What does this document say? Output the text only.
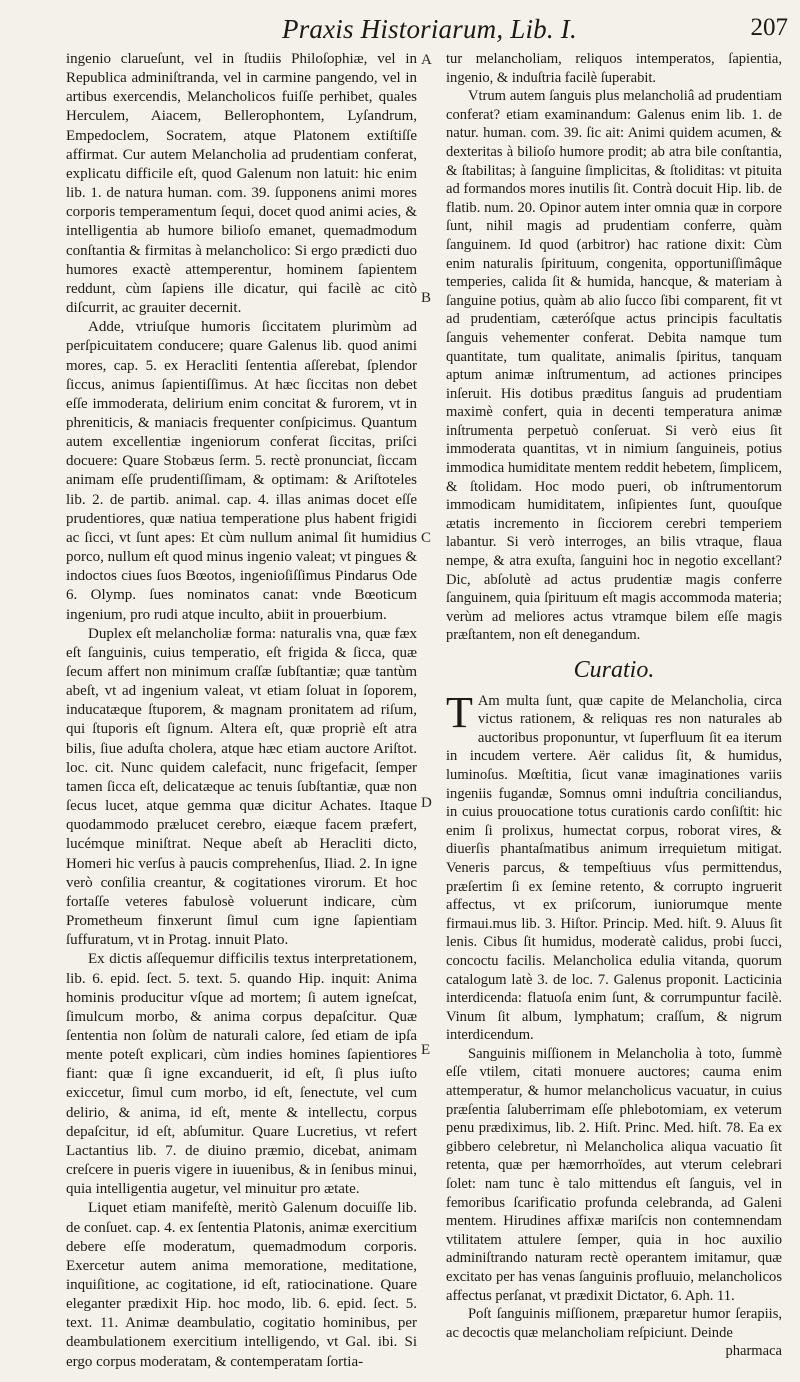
Praxis Historiarum, Lib. I.	207
A
B
C
D
E

ingenio clarueſunt, vel in ſtudiis Philoſophiæ, vel in Republica adminiſtranda, vel in carmine pangendo, vel in artibus exercendis, Melancholicos fuiſſe perhibet, quales Herculem, Aiacem, Bellerophontem, Lyſandrum, Empedoclem, Socratem, atque Platonem extiſtiſſe affirmat. Cur autem Melancholia ad prudentiam conferat, explicatu difficile eſt, quod Galenum non latuit: hic enim lib. 1. de natura human. com. 39. ſupponens animi mores corporis temperamentum ſequi, docet quod animi acies, & intelligentia ab humore bilioſo emanet, quemadmodum conſtantia & firmitas à melancholico: Si ergo prædicti duo humores exactè attemperentur, hominem ſapientem reddunt, cùm ſapiens ille dicatur, qui facilè ac citò diſcurrit, ac grauiter decernit.

Adde, vtriuſque humoris ſiccitatem plurimùm ad perſpicuitatem conducere; quare Galenus lib. quod animi mores, cap. 5. ex Heracliti ſententia aſſerebat, ſplendor ſiccus, animus ſapientiſſimus. At hæc ſiccitas non debet eſſe immoderata, delirium enim concitat & furorem, vt in phreniticis, & maniacis frequenter conſpicimus. Quantum autem excellentiæ ingeniorum conferat ſiccitas, priſci docuere: Quare Stobæus ſerm. 5. rectè pronunciat, ſiccam animam eſſe prudentiſſimam, & optimam: & Ariſtoteles lib. 2. de partib. animal. cap. 4. illas animas docet eſſe prudentiores, quæ natiua temperatione plus habent frigidi ac ſicci, vt ſunt apes: Et cùm nullum animal ſit humidius porco, nullum eſt quod minus ingenio valeat; vt pingues & indoctos ciues ſuos Bœotos, ingenioſiſſimus Pindarus Ode 6. Olymp. ſues nominatos canat: vnde Bœoticum ingenium, pro rudi atque inculto, abiit in prouerbium.

Duplex eſt melancholiæ forma: naturalis vna, quæ fæx eſt ſanguinis, cuius temperatio, eſt frigida & ſicca, quæ ſecum affert non minimum craſſæ ſubſtantiæ; quæ tantùm abeſt, vt ad ingenium valeat, vt etiam ſoluat in ſoporem, inducatæque ſtuporem, & magnam pronitatem ad riſum, qui ſtuporis eſt ſignum. Altera eſt, quæ propriè eſt atra bilis, ſiue aduſta cholera, atque hæc etiam auctore Ariſtot. loc. cit. Nunc quidem calefacit, nunc frigefacit, ſemper tamen ſicca eſt, delicatæque ac tenuis ſubſtantiæ, quæ non ſecus lucet, atque gemma quæ dicitur Achates. Itaque quodammodo prælucet cerebro, eiæque facem præfert, lucémque miniſtrat. Neque abeſt ab Heracliti dicto, Homeri hic verſus à paucis comprehenſus, Iliad. 2. In igne verò conſilia creantur, & cogitationes virorum. Et hoc fortaſſe veteres fabulosè voluerunt indicare, cùm Prometheum finxerunt ſimul cum igne ſapientiam ſuffuratum, vt in Protag. innuit Plato.

Ex dictis aſſequemur difficilis textus interpretationem, lib. 6. epid. ſect. 5. text. 5. quando Hip. inquit: Anima hominis producitur vſque ad mortem; ſi autem igneſcat, ſimulcum morbo, & anima corpus depaſcitur. Quæ ſententia non ſolùm de naturali calore, ſed etiam de ipſa mente poteſt explicari, cùm indies homines ſapientiores fiant: quæ ſi igne excanduerit, id eſt, ſi plus iuſto exiccetur, ſimul cum morbo, id eſt, ſenectute, vel cum delirio, & anima, id eſt, mente & intellectu, corpus depaſcitur, id eſt, abſumitur. Quare Lucretius, vt refert Lactantius lib. 7. de diuino præmio, dicebat, animam creſcere in pueris vigere in iuuenibus, & in ſenibus minui, quia intelligentia augetur, vel minuitur pro ætate.

Liquet etiam manifeſtè, meritò Galenum docuiſſe lib. de conſuet. cap. 4. ex ſententia Platonis, animæ exercitium debere eſſe moderatum, quemadmodum corporis. Exercetur autem anima memoratione, meditatione, inquiſitione, ac cogitatione, id eſt, ratiocinatione. Quare eleganter prædixit Hip. hoc modo, lib. 6. epid. ſect. 5. text. 11. Animæ deambulatio, cogitatio hominibus, per deambulationem exercitium intelligendo, vt Gal. ibi. Si ergo corpus moderatam, & contemperatam ſortia-

tur melancholiam, reliquos intemperatos, ſapientia, ingenio, & induſtria facilè ſuperabit.

Vtrum autem ſanguis plus melancholiâ ad prudentiam conferat? etiam examinandum: Galenus enim lib. 1. de natur. human. com. 39. ſic ait: Animi quidem acumen, & dexteritas à bilioſo humore prodit; ab atra bile conſtantia, & ſtabilitas; à ſanguine ſimplicitas, & ſtoliditas: vt pituita ad formandos mores inutilis ſit. Contrà docuit Hip. lib. de flatib. num. 20. Opinor autem inter omnia quæ in corpore ſunt, nihil magis ad prudentiam conferre, quàm ſanguinem. Id quod (arbitror) hac ratione dixit: Cùm enim naturalis ſpirituum, congenita, opportuniſſimâque temperies, calida ſit & humida, hancque, & materiam à ſanguine potius, quàm ab alio ſucco ſibi comparent, fit vt ad prudentiam, cæteróſque actus principis facultatis ſanguis vehementer conferat. Debita namque tum quantitate, tum qualitate, animalis ſpiritus, tanquam aptum animæ inſtrumentum, ad actiones principes inſeruit. His dotibus præditus ſanguis ad prudentiam maximè confert, quia in decenti temperatura animæ inſtrumenta perpetuò conſeruat. Si verò eius ſit immoderata quantitas, vt in nimium ſanguineis, potius immodica humiditate mentem reddit hebetem, ſimplicem, & ſtolidam. Hoc modo pueri, ob inſtrumentorum immodicam humiditatem, inſipientes ſunt, quouſque ætatis incremento in ſicciorem cerebri temperiem labantur. Si verò interroges, an bilis vtraque, flaua nempe, & atra exuſta, ſanguini hoc in negotio excellant? Dic, abſolutè ad actus prudentiæ magis conferre ſanguinem, quia ſpirituum eſt magis accommoda materia; verùm ad meliores actus vtramque bilem eſſe magis præſtantem, non eſt denegandum.

Curatio.

T Am multa ſunt, quæ capite de Melancholia, circa victus rationem, & reliquas res non naturales ab auctoribus proponuntur, vt ſuperfluum ſit ea iterum in incudem vertere. Aër calidus ſit, & humidus, luminoſus. Mœſtitia, ſicut vanæ imaginationes variis ingeniis fugandæ, Somnus omni induſtria conciliandus, in cuius prouocatione totus curationis cardo conſiſtit: hic enim ſi prolixus, humectat corpus, roborat vires, & diuerſis phantaſmatibus animum irrequietum mitigat. Veneris parcus, & tempeſtiuus vſus permittendus, præſertim ſi ex ſemine retento, & corrupto ingruerit affectus, vt ex priſcorum, iuniorumque mente firmaui.mus lib. 3. Hiſtor. Princip. Med. hiſt. 9. Aluus ſit lenis. Cibus ſit humidus, moderatè calidus, probi ſucci, concoctu facilis. Melancholica edulia vitanda, quorum catalogum latè 3. de loc. 7. Galenus proponit. Lacticinia interdicenda: flatuoſa enim ſunt, & corrumpuntur facilè. Vinum ſit album, lymphatum; craſſum, & nigrum interdicendum.

Sanguinis miſſionem in Melancholia à toto, ſummè eſſe vtilem, citati monuere auctores; cauma enim attemperatur, & humor melancholicus vacuatur, in cuius præſentia ſaluberrimam eſſe phlebotomiam, ex veterum penu prædiximus, lib. 2. Hiſt. Princ. Med. hiſt. 78. Ea ex gibbero celebretur, nì Melancholica aliqua vacuatio ſit retenta, quæ per hæmorrhoïdes, aut vterum celebrari ſolet: nam tunc è talo mittendus eſt ſanguis, vel in femoribus ſcarificatio profunda celebranda, ad Galeni mentem. Hirudines affixæ mariſcis non contemnendam vtilitatem attulere ſemper, quia in hoc auxilio adminiſtrando naturam rectè operantem imitamur, quæ excitato per has venas ſanguinis profluuio, melancholicos affectus perſanat, vt prædixit Dictator, 6. Aph. 11.

Poſt ſanguinis miſſionem, præparetur humor ſerapiis, ac decoctis quæ melancholiam reſpiciunt. Deinde

pharmaca
